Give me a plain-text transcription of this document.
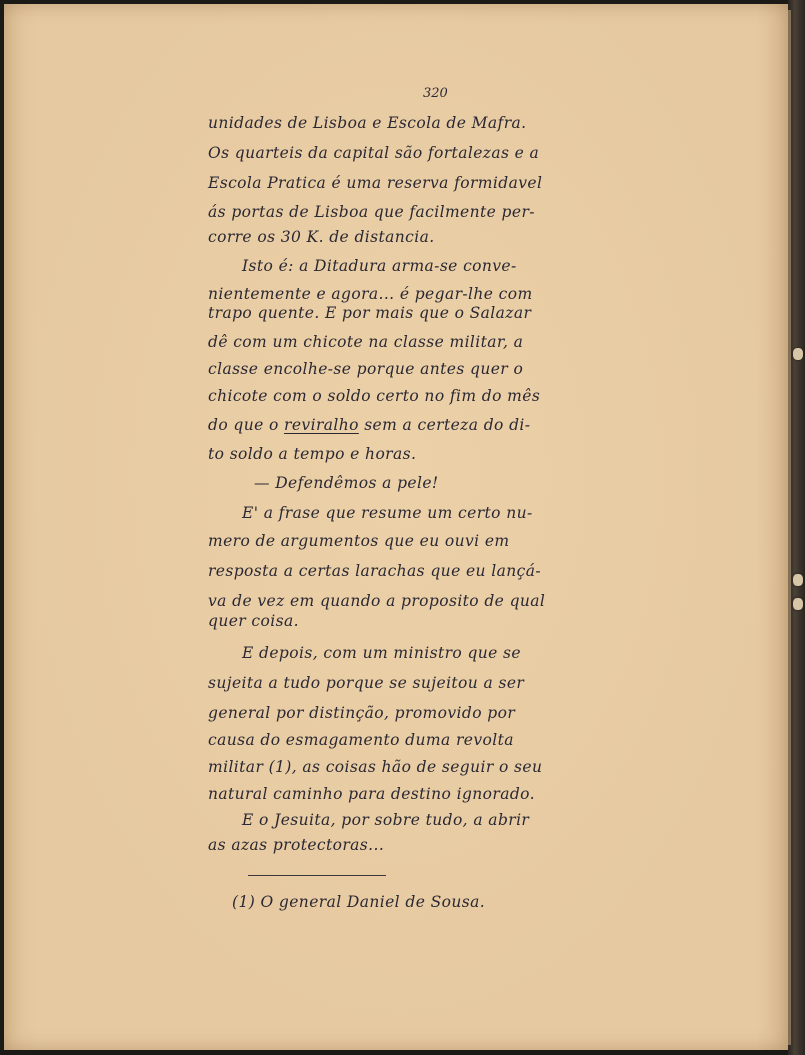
320
unidades de Lisboa e Escola de Mafra.
Os quarteis da capital são fortalezas e a
Escola Pratica é uma reserva formidavel
ás portas de Lisboa que facilmente per-
corre os 30 K. de distancia.
Isto é: a Ditadura arma-se conve-
nientemente e agora... é pegar-lhe com
trapo quente. E por mais que o Salazar
dê com um chicote na classe militar, a
classe encolhe-se porque antes quer o
chicote com o soldo certo no fim do mês
do que o reviralho sem a certeza do di-
to soldo a tempo e horas.
— Defendêmos a pele!
E' a frase que resume um certo nu-
mero de argumentos que eu ouvi em
resposta a certas larachas que eu lançá-
va de vez em quando a proposito de qual
quer coisa.
E depois, com um ministro que se
sujeita a tudo porque se sujeitou a ser
general por distinção, promovido por
causa do esmagamento duma revolta
militar (1), as coisas hão de seguir o seu
natural caminho para destino ignorado.
E o Jesuita, por sobre tudo, a abrir
as azas protectoras...
(1) O general Daniel de Sousa.
